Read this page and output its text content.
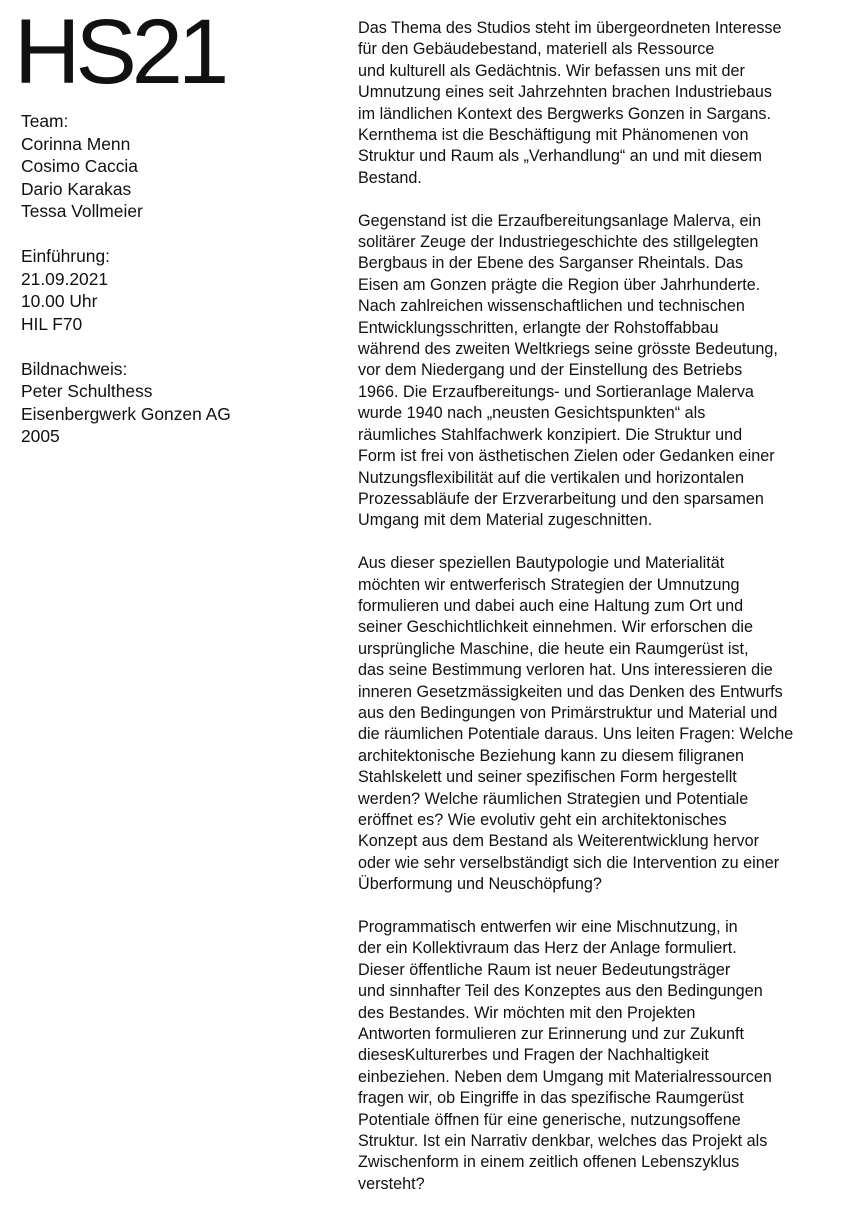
HS21
Team:
Corinna Menn
Cosimo Caccia
Dario Karakas
Tessa Vollmeier
Einführung:
21.09.2021
10.00 Uhr
HIL F70
Bildnachweis:
Peter Schulthess
Eisenbergwerk Gonzen AG
2005
Das Thema des Studios steht im übergeordneten Interesse
für den Gebäudebestand, materiell als Ressource
und kulturell als Gedächtnis. Wir befassen uns mit der
Umnutzung eines seit Jahrzehnten brachen Industriebaus
im ländlichen Kontext des Bergwerks Gonzen in Sargans.
Kernthema ist die Beschäftigung mit Phänomenen von
Struktur und Raum als „Verhandlung“ an und mit diesem
Bestand.
Gegenstand ist die Erzaufbereitungsanlage Malerva, ein
solitärer Zeuge der Industriegeschichte des stillgelegten
Bergbaus in der Ebene des Sarganser Rheintals. Das
Eisen am Gonzen prägte die Region über Jahrhunderte.
Nach zahlreichen wissenschaftlichen und technischen
Entwicklungsschritten, erlangte der Rohstoffabbau
während des zweiten Weltkriegs seine grösste Bedeutung,
vor dem Niedergang und der Einstellung des Betriebs
1966. Die Erzaufbereitungs- und Sortieranlage Malerva
wurde 1940 nach „neusten Gesichtspunkten“ als
räumliches Stahlfachwerk konzipiert. Die Struktur und
Form ist frei von ästhetischen Zielen oder Gedanken einer
Nutzungsflexibilität auf die vertikalen und horizontalen
Prozessabläufe der Erzverarbeitung und den sparsamen
Umgang mit dem Material zugeschnitten.
Aus dieser speziellen Bautypologie und Materialität
möchten wir entwerferisch Strategien der Umnutzung
formulieren und dabei auch eine Haltung zum Ort und
seiner Geschichtlichkeit einnehmen. Wir erforschen die
ursprüngliche Maschine, die heute ein Raumgerüst ist,
das seine Bestimmung verloren hat. Uns interessieren die
inneren Gesetzmässigkeiten und das Denken des Entwurfs
aus den Bedingungen von Primärstruktur und Material und
die räumlichen Potentiale daraus. Uns leiten Fragen: Welche
architektonische Beziehung kann zu diesem filigranen
Stahlskelett und seiner spezifischen Form hergestellt
werden? Welche räumlichen Strategien und Potentiale
eröffnet es? Wie evolutiv geht ein architektonisches
Konzept aus dem Bestand als Weiterentwicklung hervor
oder wie sehr verselbständigt sich die Intervention zu einer
Überformung und Neuschöpfung?
Programmatisch entwerfen wir eine Mischnutzung, in
der ein Kollektivraum das Herz der Anlage formuliert.
Dieser öffentliche Raum ist neuer Bedeutungsträger
und sinnhafter Teil des Konzeptes aus den Bedingungen
des Bestandes. Wir möchten mit den Projekten
Antworten formulieren zur Erinnerung und zur Zukunft
diesesKulturerbes und Fragen der Nachhaltigkeit
einbeziehen. Neben dem Umgang mit Materialressourcen
fragen wir, ob Eingriffe in das spezifische Raumgerüst
Potentiale öffnen für eine generische, nutzungsoffene
Struktur. Ist ein Narrativ denkbar, welches das Projekt als
Zwischenform in einem zeitlich offenen Lebenszyklus
versteht?
